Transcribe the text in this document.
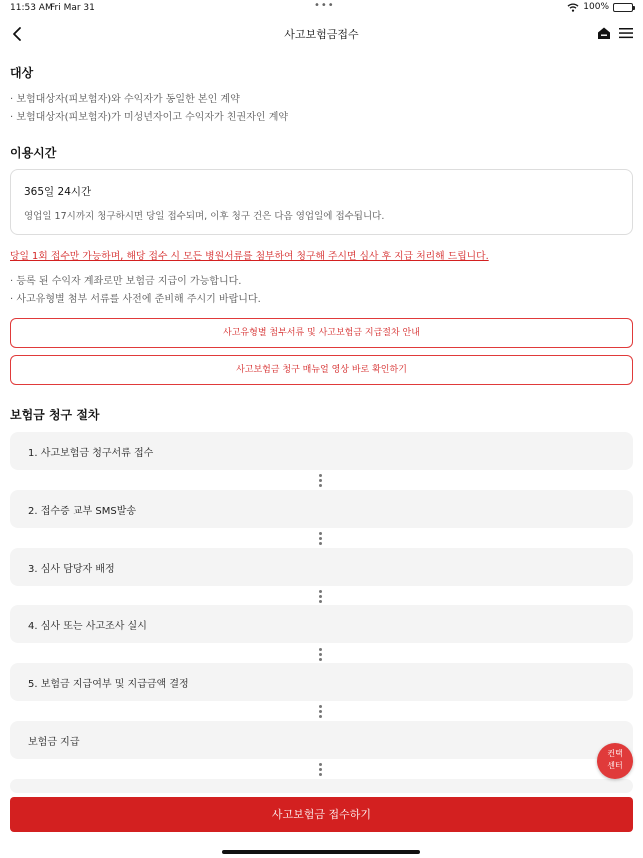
11:53 AM
Fri Mar 31	•••	100%
사고보험금접수
대상
· 보험대상자(피보험자)와 수익자가 동일한 본인 계약
· 보험대상자(피보험자)가 미성년자이고 수익자가 친권자인 계약
이용시간
365일 24시간
영업일 17시까지 청구하시면 당일 접수되며, 이후 청구 건은 다음 영업일에 접수됩니다.
당일 1회 접수만 가능하며, 해당 접수 시 모든 병원서류를 첨부하여 청구해 주시면 심사 후 지급 처리해 드립니다.
· 등록 된 수익자 계좌로만 보험금 지급이 가능합니다.
· 사고유형별 첨부 서류를 사전에 준비해 주시기 바랍니다.
사고유형별 첨부서류 및 사고보험금 지급절차 안내
사고보험금 청구 매뉴얼 영상 바로 확인하기
보험금 청구 절차
1. 사고보험금 청구서류 접수
2. 접수증 교부 SMS발송
3. 심사 담당자 배정
4. 심사 또는 사고조사 실시
5. 보험금 지급여부 및 지급금액 결정
보험금 지급
컨택
센터
사고보험금 접수하기
